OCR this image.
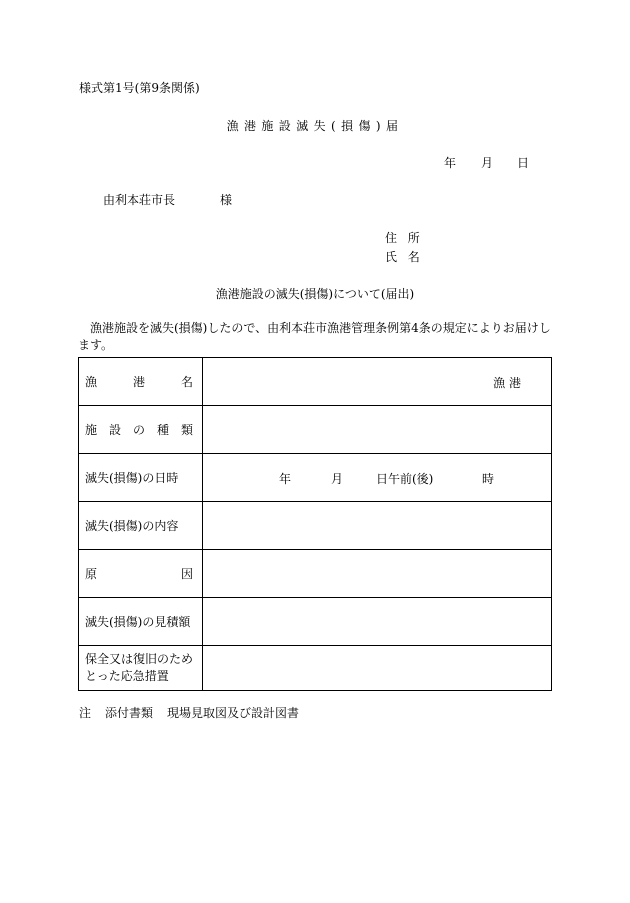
様式第1号(第9条関係)
漁港施設滅失(損傷)届
年 月 日
由利本荘市長	様
住所
氏名
漁港施設の滅失(損傷)について(届出)
漁港施設を滅失(損傷)したので、由利本荘市漁港管理条例第4条の規定によりお届けします。
漁 港 名	漁 港

施 設 の 種 類	

滅失(損傷)の日時	年 月 日午前(後) 時

滅失(損傷)の内容	

原 因	

滅失(損傷)の見積額	
保全又は復旧のためとった応急措置	
注 添付書類 現場見取図及び設計図書
